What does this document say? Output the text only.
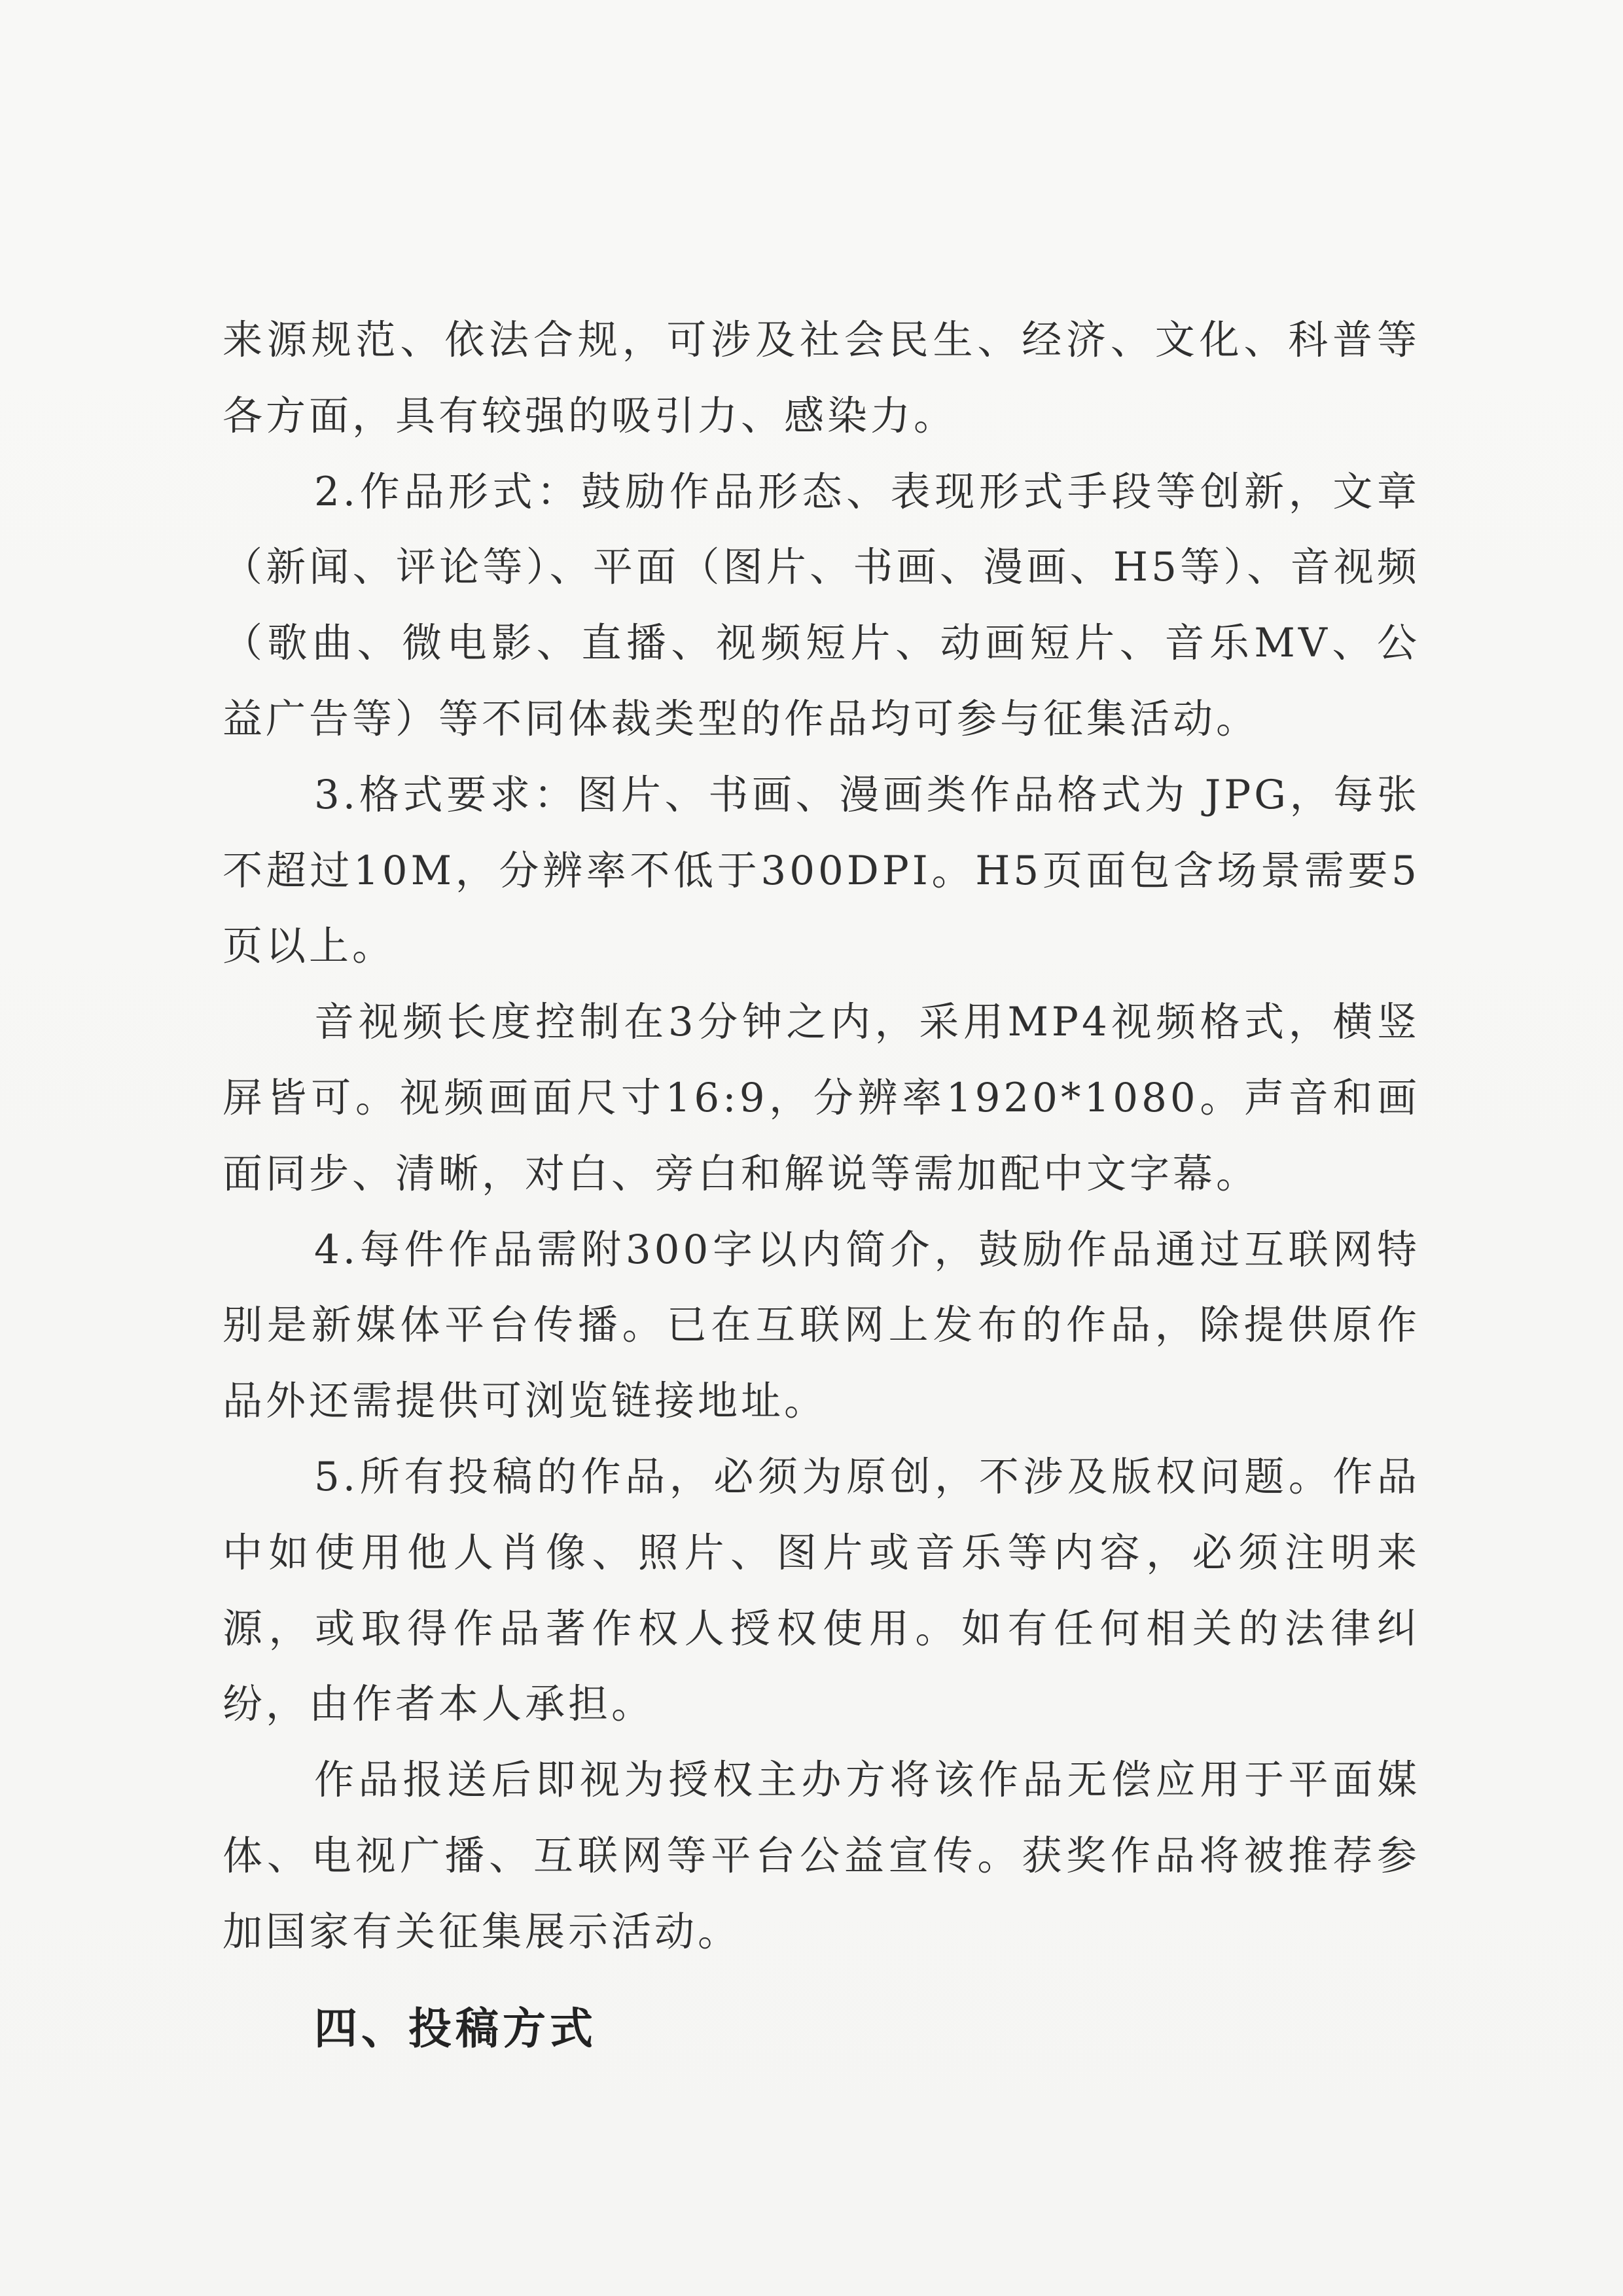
来源规范、依法合规，可涉及社会民生、经济、文化、科普等各方面，具有较强的吸引力、感染力。

2.作品形式：鼓励作品形态、表现形式手段等创新，文章（新闻、评论等）、平面（图片、书画、漫画、H5等）、音视频（歌曲、微电影、直播、视频短片、动画短片、音乐MV、公益广告等）等不同体裁类型的作品均可参与征集活动。

3.格式要求：图片、书画、漫画类作品格式为 JPG，每张不超过10M，分辨率不低于300DPI。H5页面包含场景需要5页以上。

音视频长度控制在3分钟之内，采用MP4视频格式，横竖屏皆可。视频画面尺寸16:9，分辨率1920*1080。声音和画面同步、清晰，对白、旁白和解说等需加配中文字幕。

4.每件作品需附300字以内简介，鼓励作品通过互联网特别是新媒体平台传播。已在互联网上发布的作品，除提供原作品外还需提供可浏览链接地址。

5.所有投稿的作品，必须为原创，不涉及版权问题。作品中如使用他人肖像、照片、图片或音乐等内容，必须注明来源，或取得作品著作权人授权使用。如有任何相关的法律纠纷，由作者本人承担。

作品报送后即视为授权主办方将该作品无偿应用于平面媒体、电视广播、互联网等平台公益宣传。获奖作品将被推荐参加国家有关征集展示活动。

四、投稿方式
